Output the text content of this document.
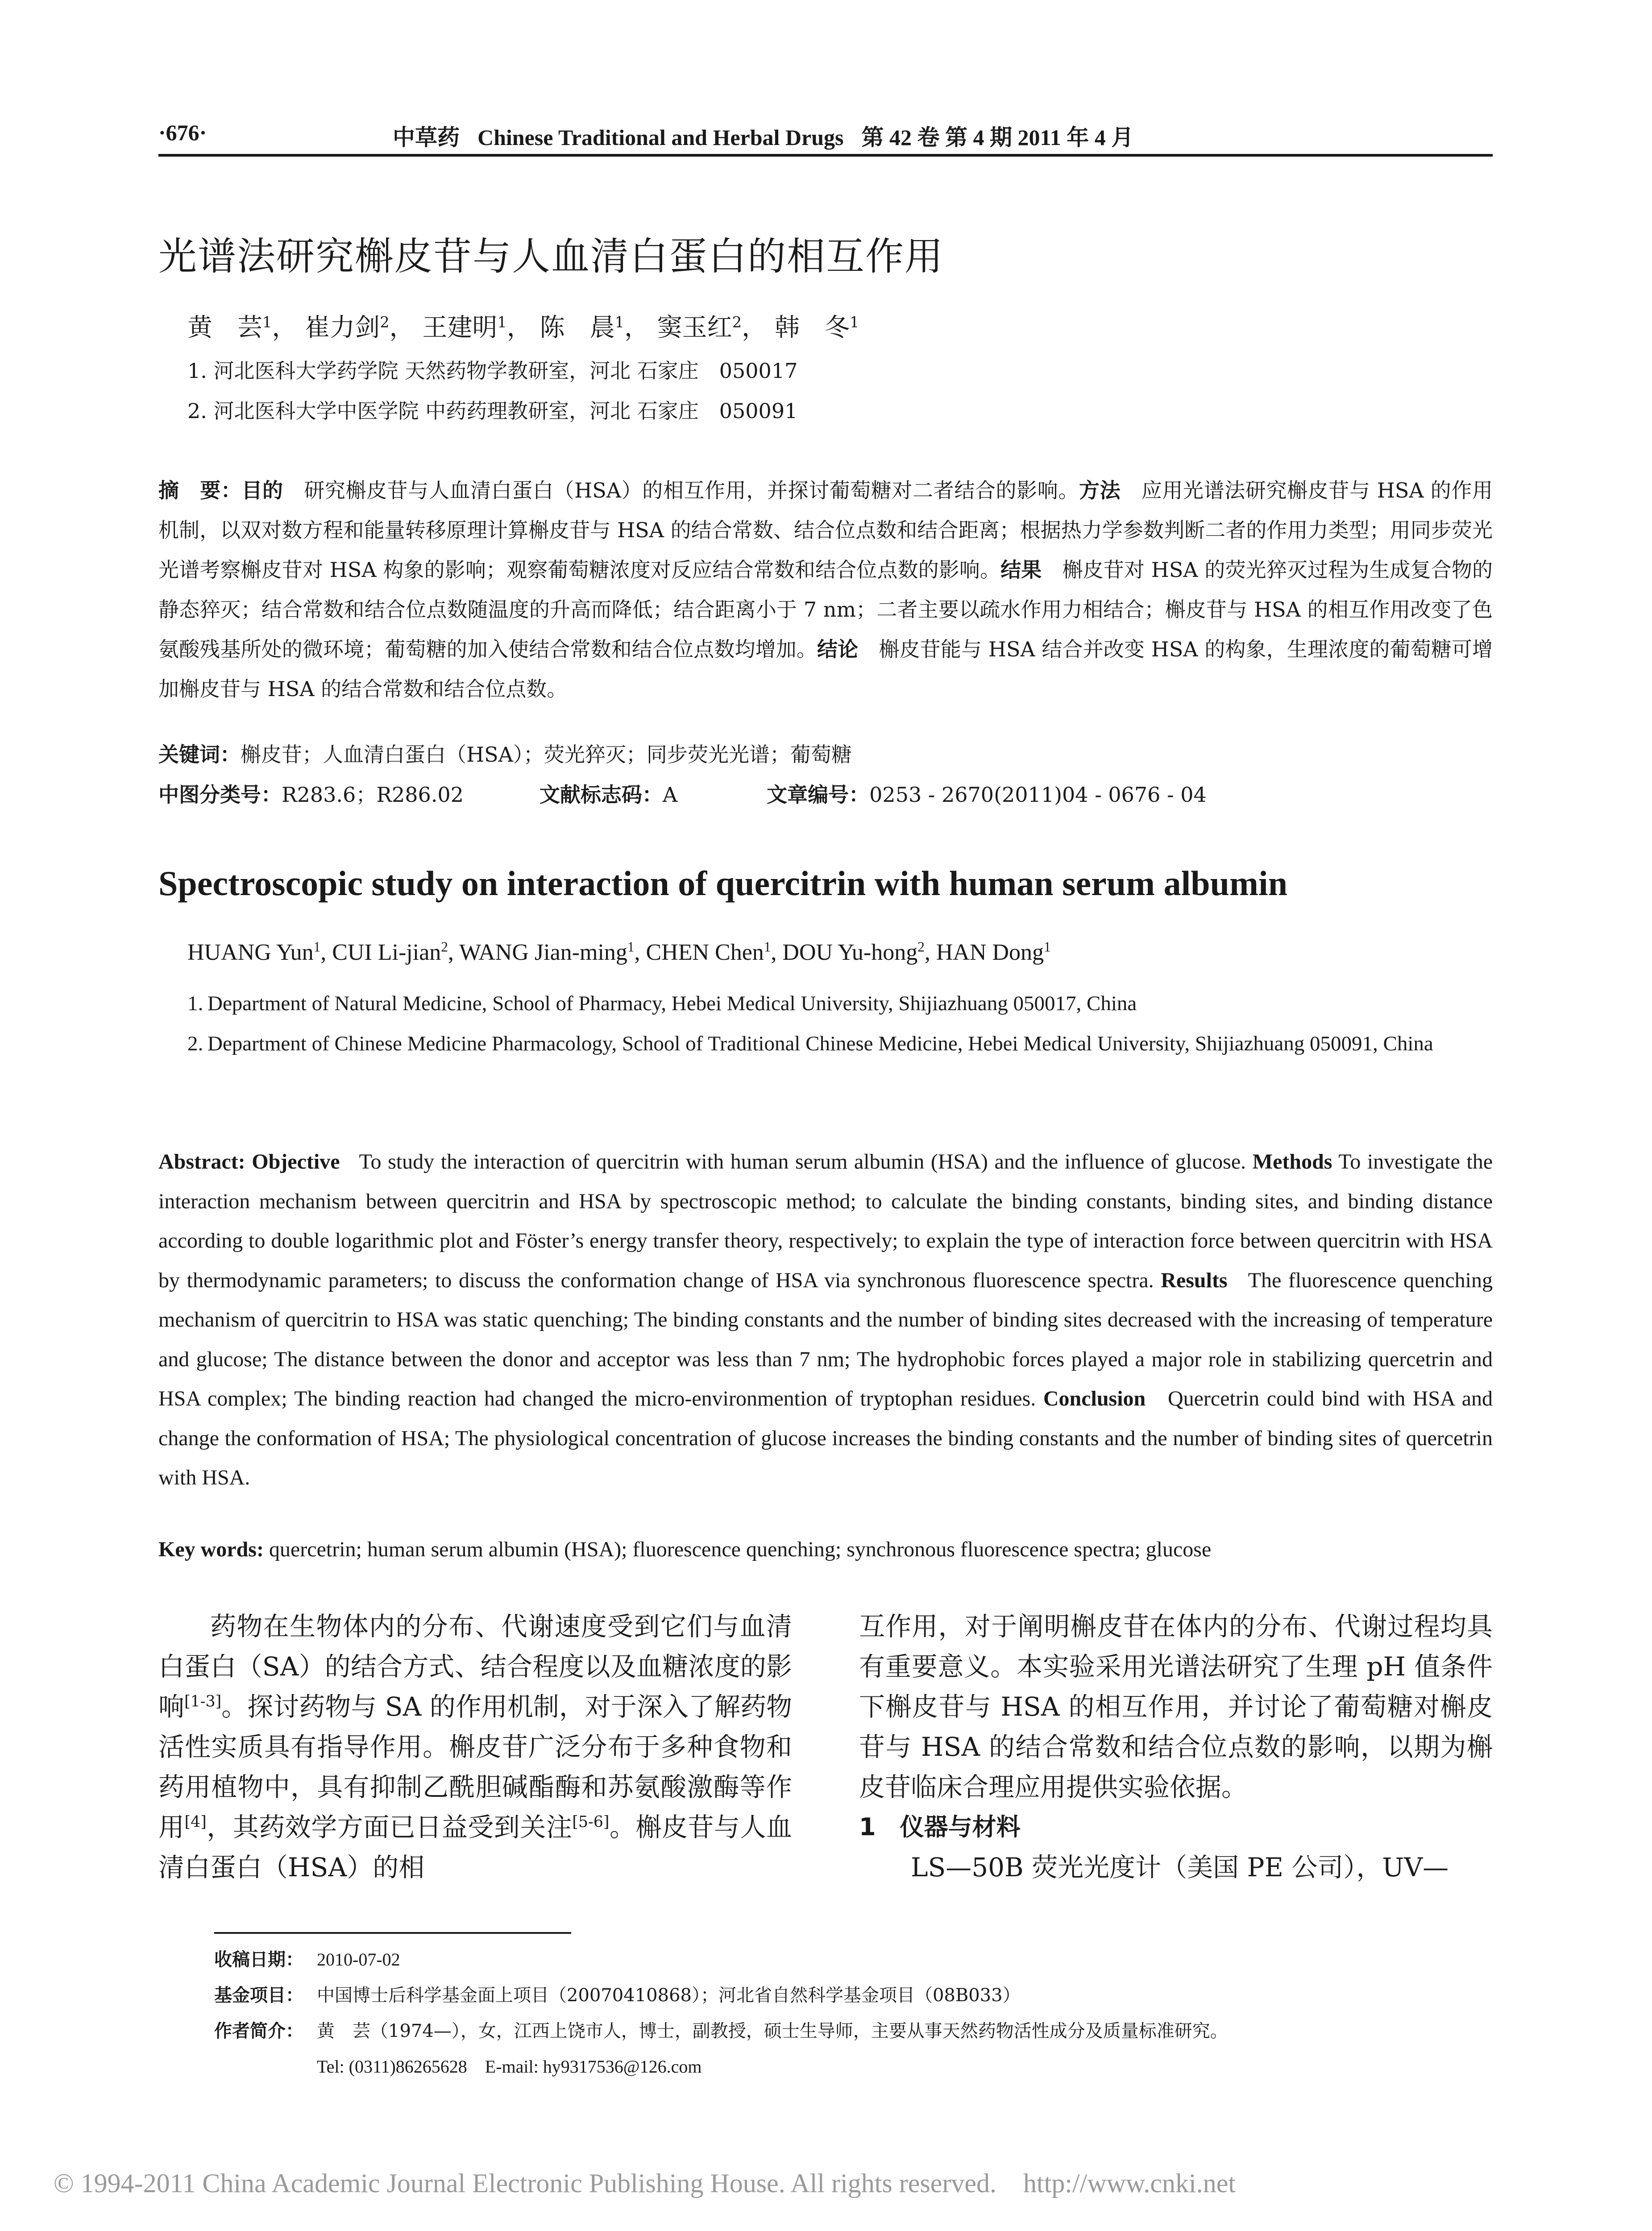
·676·	中草药 Chinese Traditional and Herbal Drugs 第 42 卷 第 4 期 2011 年 4 月
光谱法研究槲皮苷与人血清白蛋白的相互作用
黄　芸$^1$， 崔力剑$^2$， 王建明$^1$， 陈　晨$^1$， 窦玉红$^2$， 韩　冬$^1$
1. 河北医科大学药学院 天然药物学教研室，河北 石家庄　050017
2. 河北医科大学中医学院 中药药理教研室，河北 石家庄　050091
摘　要：目的　 研究槲皮苷与人血清白蛋白（HSA）的相互作用，并探讨葡萄糖对二者结合的影响。方法　 应用光谱法研究槲皮苷与 HSA 的作用机制，以双对数方程和能量转移原理计算槲皮苷与 HSA 的结合常数、结合位点数和结合距离；根据热力学参数判断二者的作用力类型；用同步荧光光谱考察槲皮苷对 HSA 构象的影响；观察葡萄糖浓度对反应结合常数和结合位点数的影响。结果　 槲皮苷对 HSA 的荧光猝灭过程为生成复合物的静态猝灭；结合常数和结合位点数随温度的升高而降低；结合距离小于 7 nm；二者主要以疏水作用力相结合；槲皮苷与 HSA 的相互作用改变了色氨酸残基所处的微环境；葡萄糖的加入使结合常数和结合位点数均增加。结论　 槲皮苷能与 HSA 结合并改变 HSA 的构象，生理浓度的葡萄糖可增加槲皮苷与 HSA 的结合常数和结合位点数。
关键词：槲皮苷；人血清白蛋白（HSA）；荧光猝灭；同步荧光光谱；葡萄糖
中图分类号：R283.6；R286.02	文献标志码：A	文章编号：0253 - 2670(2011)04 - 0676 - 04
Spectroscopic study on interaction of quercitrin with human serum albumin
HUANG Yun$^1$, CUI Li-jian$^2$, WANG Jian-ming$^1$, CHEN Chen$^1$, DOU Yu-hong$^2$, HAN Dong$^1$
1. Department of Natural Medicine, School of Pharmacy, Hebei Medical University, Shijiazhuang 050017, China
2. Department of Chinese Medicine Pharmacology, School of Traditional Chinese Medicine, Hebei Medical University, Shijiazhuang 050091, China
Abstract: Objective To study the interaction of quercitrin with human serum albumin (HSA) and the influence of glucose. Methods To investigate the interaction mechanism between quercitrin and HSA by spectroscopic method; to calculate the binding constants, binding sites, and binding distance according to double logarithmic plot and Föster’s energy transfer theory, respectively; to explain the type of interaction force between quercitrin with HSA by thermodynamic parameters; to discuss the conformation change of HSA via synchronous fluorescence spectra. Results The fluorescence quenching mechanism of quercitrin to HSA was static quenching; The binding constants and the number of binding sites decreased with the increasing of temperature and glucose; The distance between the donor and acceptor was less than 7 nm; The hydrophobic forces played a major role in stabilizing quercetrin and HSA complex; The binding reaction had changed the micro-environmention of tryptophan residues. Conclusion Quercetrin could bind with HSA and change the conformation of HSA; The physiological concentration of glucose increases the binding constants and the number of binding sites of quercetrin with HSA.
Key words: quercetrin; human serum albumin (HSA); fluorescence quenching; synchronous fluorescence spectra; glucose
药物在生物体内的分布、代谢速度受到它们与血清白蛋白（SA）的结合方式、结合程度以及血糖浓度的影响[1-3]。探讨药物与 SA 的作用机制，对于深入了解药物活性实质具有指导作用。槲皮苷广泛分布于多种食物和药用植物中，具有抑制乙酰胆碱酯酶和苏氨酸激酶等作用[4]，其药效学方面已日益受到关注[5-6]。槲皮苷与人血清白蛋白（HSA）的相
互作用，对于阐明槲皮苷在体内的分布、代谢过程均具有重要意义。本实验采用光谱法研究了生理 pH 值条件下槲皮苷与 HSA 的相互作用，并讨论了葡萄糖对槲皮苷与 HSA 的结合常数和结合位点数的影响，以期为槲皮苷临床合理应用提供实验依据。
1　仪器与材料
LS—50B 荧光光度计（美国 PE 公司），UV—
收稿日期： 2010-07-02
基金项目： 中国博士后科学基金面上项目（20070410868）；河北省自然科学基金项目（08B033）
作者简介： 黄　芸（1974—），女，江西上饶市人，博士，副教授，硕士生导师，主要从事天然药物活性成分及质量标准研究。
Tel: (0311)86265628　E-mail: hy9317536@126.com
© 1994-2011 China Academic Journal Electronic Publishing House. All rights reserved.　http://www.cnki.net
